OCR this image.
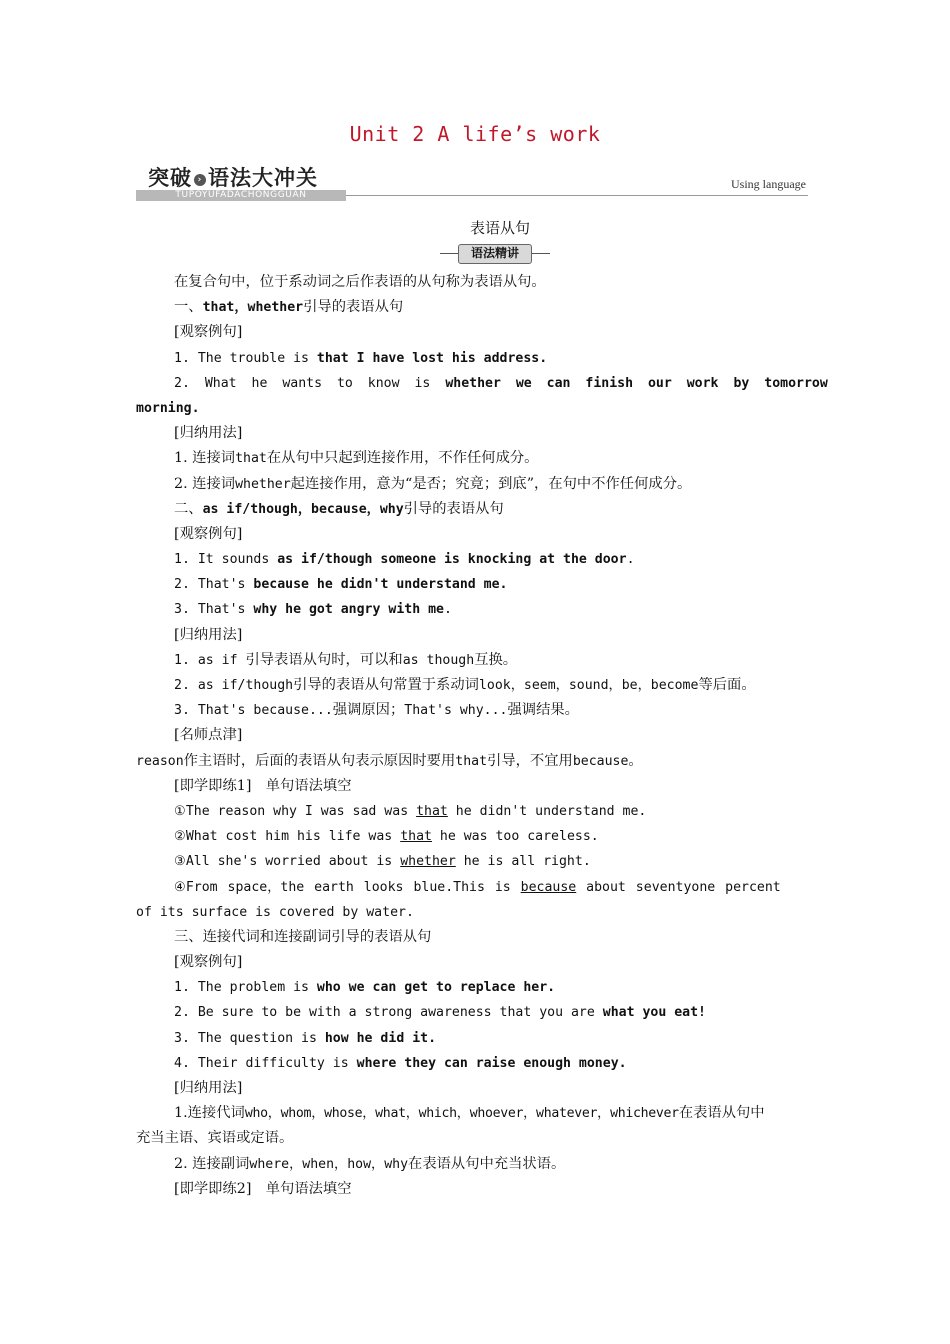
Unit 2 A life’s work
突破 › 语法大冲关
TUPOYUFADACHONGGUAN
Using language
表语从句
语法精讲
在复合句中，位于系动词之后作表语的从句称为表语从句。
一、that，whether引导的表语从句
[观察例句]
1. The trouble is that I have lost his address.
2. What he wants to know is whether we can finish our work by tomorrow
morning.
[归纳用法]
1. 连接词that在从句中只起到连接作用，不作任何成分。
2. 连接词whether起连接作用，意为“是否；究竟；到底”，在句中不作任何成分。
二、as if/though，because，why引导的表语从句
[观察例句]
1. It sounds as if/though someone is knocking at the door.
2. That's because he didn't understand me.
3. That's why he got angry with me.
[归纳用法]
1. as if 引导表语从句时，可以和as though互换。
2. as if/though引导的表语从句常置于系动词look，seem，sound，be，become等后面。
3. That's because...强调原因；That's why...强调结果。
[名师点津]
reason作主语时，后面的表语从句表示原因时要用that引导，不宜用because。
[即学即练1]　单句语法填空
①The reason why I was sad was that he didn't understand me.
②What cost him his life was that he was too careless.
③All she's worried about is whether he is all right.
④From space，the earth looks blue.This is because about seventyone percent
of its surface is covered by water.
三、连接代词和连接副词引导的表语从句
[观察例句]
1. The problem is who we can get to replace her.
2. Be sure to be with a strong awareness that you are what you eat!
3. The question is how he did it.
4. Their difficulty is where they can raise enough money.
[归纳用法]
1.连接代词who，whom，whose，what，which，whoever，whatever，whichever在表语从句中
充当主语、宾语或定语。
2. 连接副词where，when，how，why在表语从句中充当状语。
[即学即练2]　单句语法填空
